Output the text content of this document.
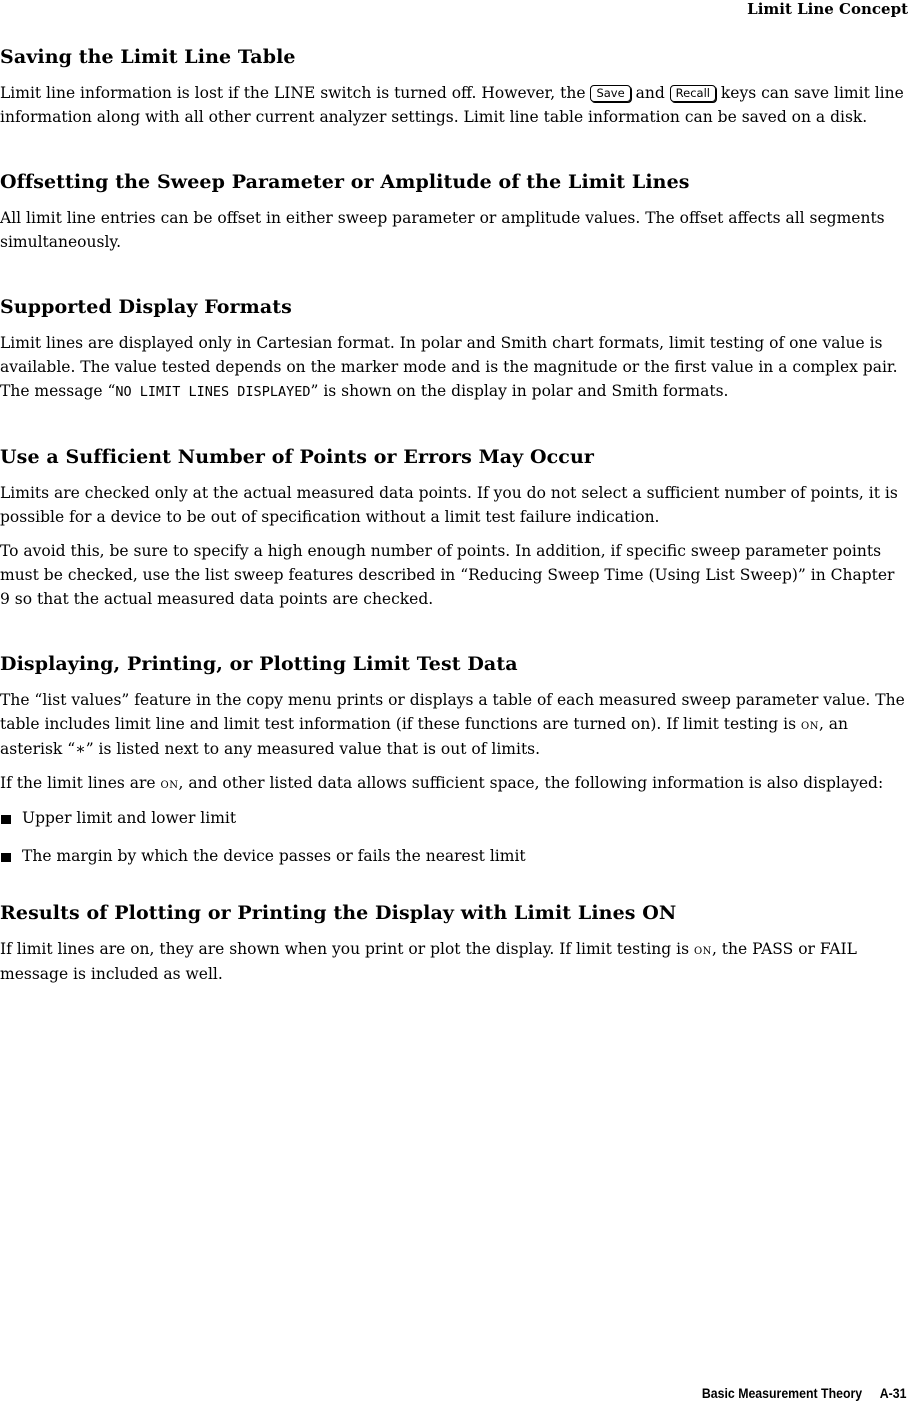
Limit Line Concept
Saving the Limit Line Table

Limit line information is lost if the LINE switch is turned off. However, the Save and Recall keys can save limit line information along with all other current analyzer settings. Limit line table information can be saved on a disk.

Offsetting the Sweep Parameter or Amplitude of the Limit Lines

All limit line entries can be offset in either sweep parameter or amplitude values. The offset affects all segments simultaneously.

Supported Display Formats

Limit lines are displayed only in Cartesian format. In polar and Smith chart formats, limit testing of one value is available. The value tested depends on the marker mode and is the magnitude or the first value in a complex pair. The message “NO LIMIT LINES DISPLAYED” is shown on the display in polar and Smith formats.

Use a Sufficient Number of Points or Errors May Occur

Limits are checked only at the actual measured data points. If you do not select a sufficient number of points, it is possible for a device to be out of specification without a limit test failure indication.

To avoid this, be sure to specify a high enough number of points. In addition, if specific sweep parameter points must be checked, use the list sweep features described in “Reducing Sweep Time (Using List Sweep)” in Chapter 9 so that the actual measured data points are checked.

Displaying, Printing, or Plotting Limit Test Data

The “list values” feature in the copy menu prints or displays a table of each measured sweep parameter value. The table includes limit line and limit test information (if these functions are turned on). If limit testing is on, an asterisk “∗” is listed next to any measured value that is out of limits.

If the limit lines are on, and other listed data allows sufficient space, the following information is also displayed:

Upper limit and lower limit
The margin by which the device passes or fails the nearest limit
Results of Plotting or Printing the Display with Limit Lines ON

If limit lines are on, they are shown when you print or plot the display. If limit testing is on, the PASS or FAIL message is included as well.

Basic Measurement Theory A-31
